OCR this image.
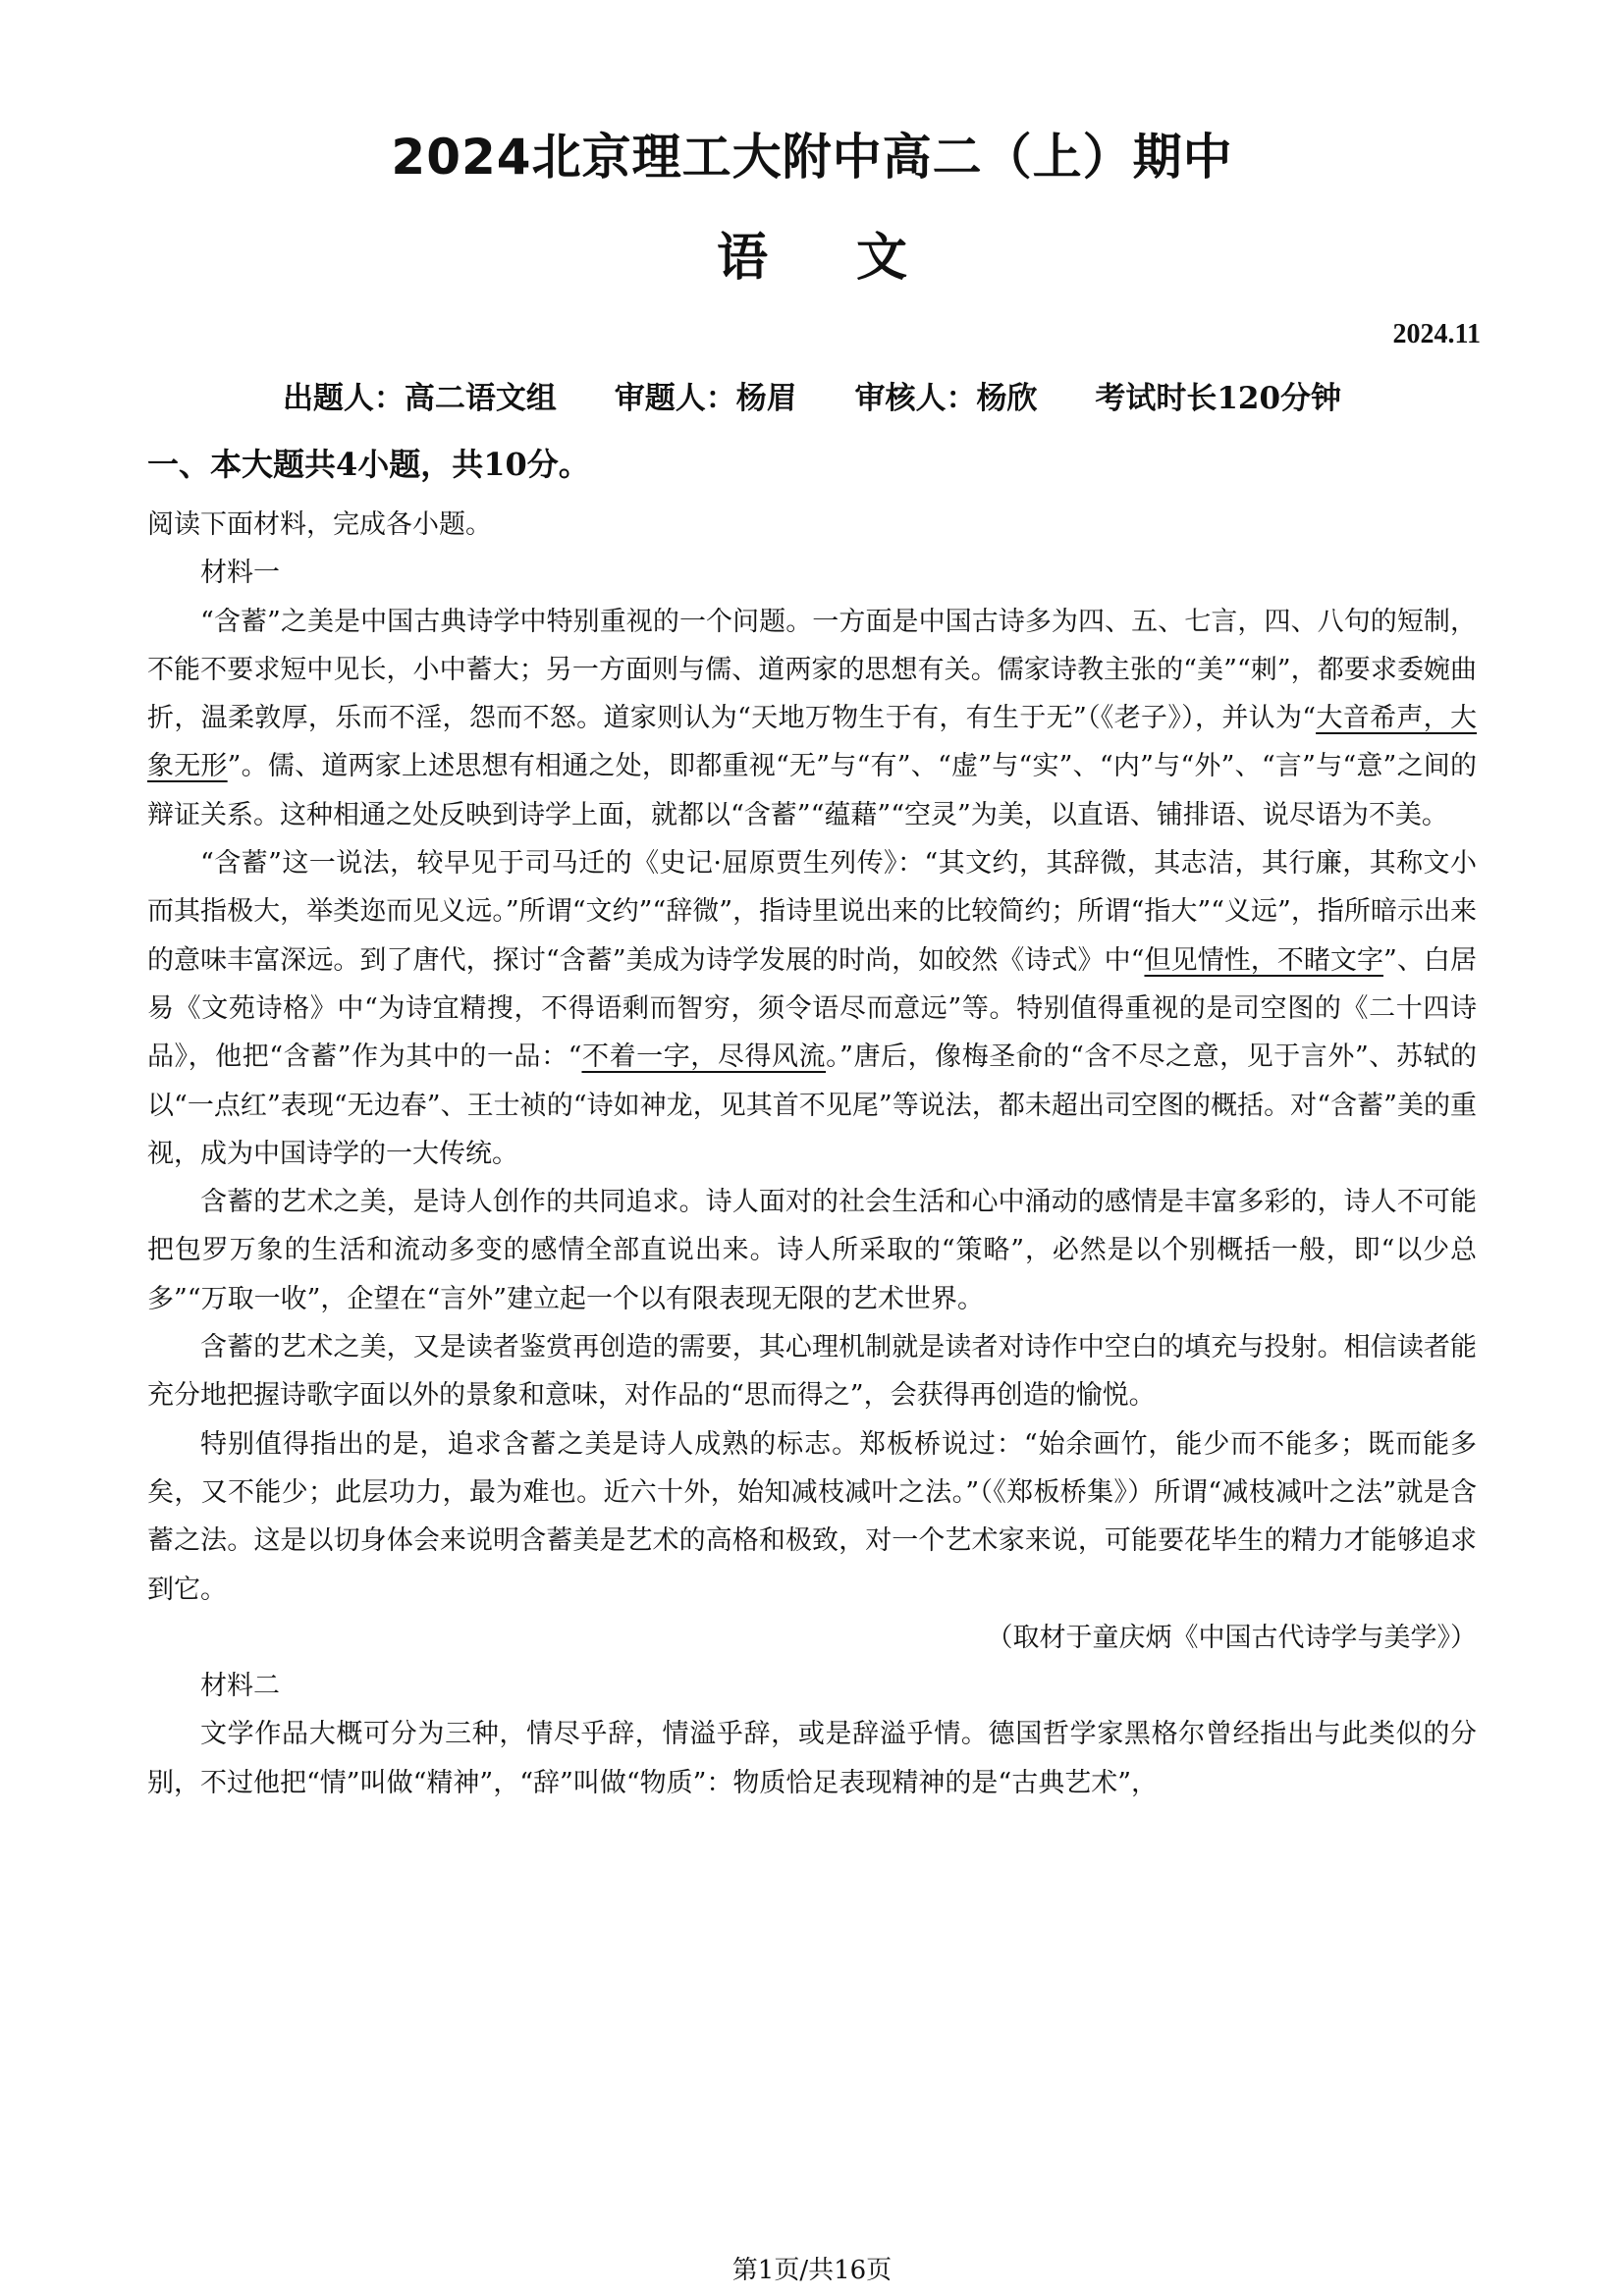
2024北京理工大附中高二（上）期中
语文
2024.11
出题人：高二语文组 审题人：杨眉 审核人：杨欣 考试时长120分钟
一、本大题共4小题，共10分。

阅读下面材料，完成各小题。

材料一

“含蓄”之美是中国古典诗学中特别重视的一个问题。一方面是中国古诗多为四、五、七言，四、八句的短制，不能不要求短中见长，小中蓄大；另一方面则与儒、道两家的思想有关。儒家诗教主张的“美”“刺”，都要求委婉曲折，温柔敦厚，乐而不淫，怨而不怒。道家则认为“天地万物生于有，有生于无”（《老子》），并认为“大音希声，大象无形”。儒、道两家上述思想有相通之处，即都重视“无”与“有”、“虚”与“实”、“内”与“外”、“言”与“意”之间的辩证关系。这种相通之处反映到诗学上面，就都以“含蓄”“蕴藉”“空灵”为美，以直语、铺排语、说尽语为不美。

“含蓄”这一说法，较早见于司马迁的《史记·屈原贾生列传》：“其文约，其辞微，其志洁，其行廉，其称文小而其指极大，举类迩而见义远。”所谓“文约”“辞微”，指诗里说出来的比较简约；所谓“指大”“义远”，指所暗示出来的意味丰富深远。到了唐代，探讨“含蓄”美成为诗学发展的时尚，如皎然《诗式》中“但见情性，不睹文字”、白居易《文苑诗格》中“为诗宜精搜，不得语剩而智穷，须令语尽而意远”等。特别值得重视的是司空图的《二十四诗品》，他把“含蓄”作为其中的一品：“不着一字，尽得风流。”唐后，像梅圣俞的“含不尽之意，见于言外”、苏轼的以“一点红”表现“无边春”、王士祯的“诗如神龙，见其首不见尾”等说法，都未超出司空图的概括。对“含蓄”美的重视，成为中国诗学的一大传统。

含蓄的艺术之美，是诗人创作的共同追求。诗人面对的社会生活和心中涌动的感情是丰富多彩的，诗人不可能把包罗万象的生活和流动多变的感情全部直说出来。诗人所采取的“策略”，必然是以个别概括一般，即“以少总多”“万取一收”，企望在“言外”建立起一个以有限表现无限的艺术世界。

含蓄的艺术之美，又是读者鉴赏再创造的需要，其心理机制就是读者对诗作中空白的填充与投射。相信读者能充分地把握诗歌字面以外的景象和意味，对作品的“思而得之”，会获得再创造的愉悦。

特别值得指出的是，追求含蓄之美是诗人成熟的标志。郑板桥说过：“始余画竹，能少而不能多；既而能多矣，又不能少；此层功力，最为难也。近六十外，始知减枝减叶之法。”（《郑板桥集》）所谓“减枝减叶之法”就是含蓄之法。这是以切身体会来说明含蓄美是艺术的高格和极致，对一个艺术家来说，可能要花毕生的精力才能够追求到它。

（取材于童庆炳《中国古代诗学与美学》）

材料二

文学作品大概可分为三种，情尽乎辞，情溢乎辞，或是辞溢乎情。德国哲学家黑格尔曾经指出与此类似的分别，不过他把“情”叫做“精神”，“辞”叫做“物质”：物质恰足表现精神的是“古典艺术”，

第1页/共16页
